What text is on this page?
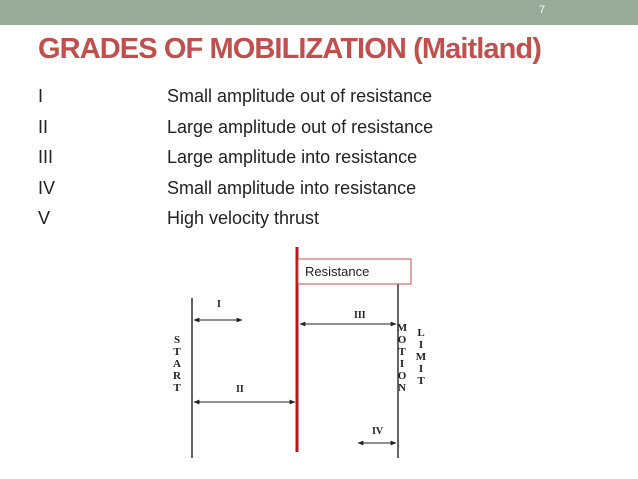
7
GRADES OF MOBILIZATION (Maitland)
I	Small amplitude out of resistance
II	Large amplitude out of resistance
III	Large amplitude into resistance
IV	Small amplitude into resistance
V	High velocity thrust
Resistance
I
II
III
IV
START	MOTION LIMIT
